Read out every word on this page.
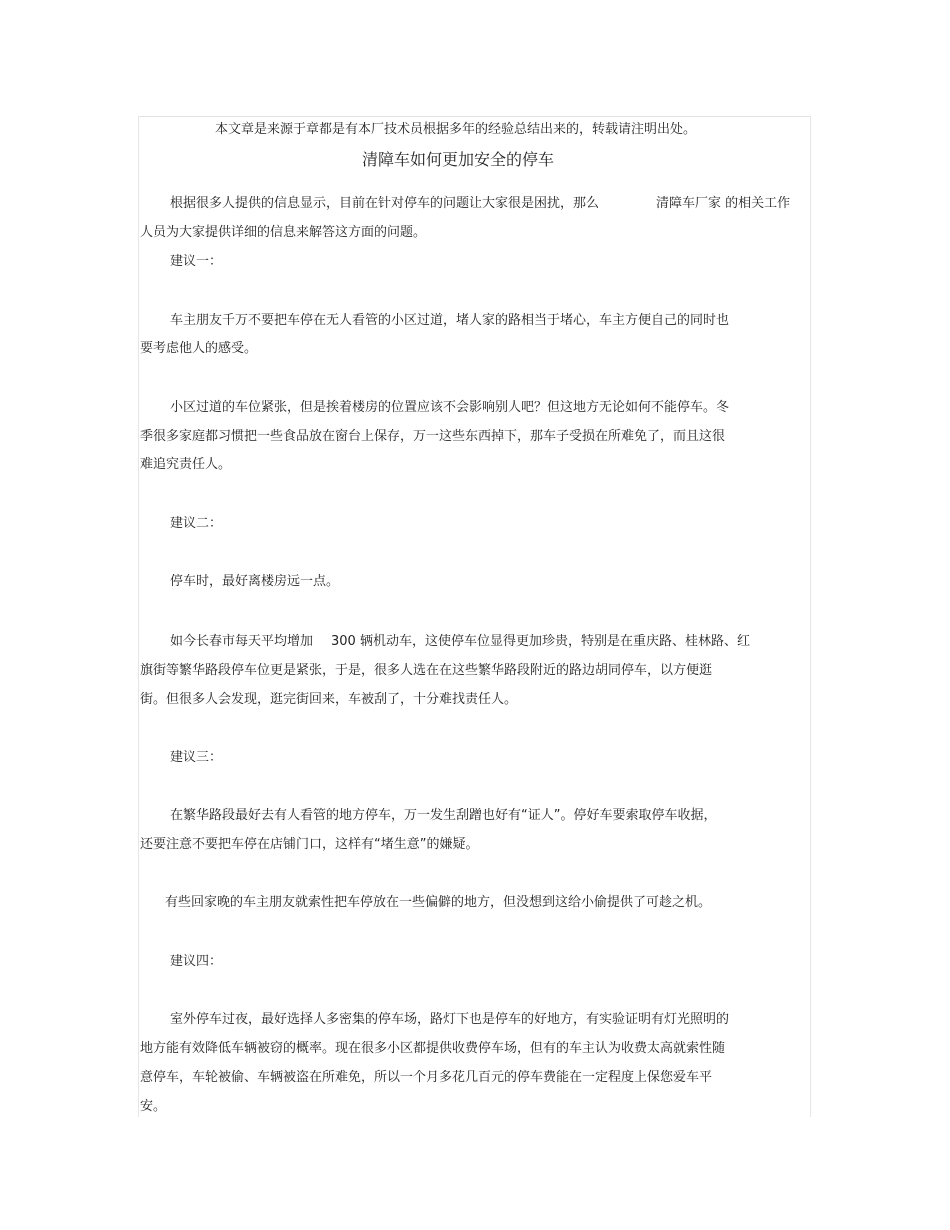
本文章是来源于章都是有本厂技术员根据多年的经验总结出来的，转载请注明出处。
清障车如何更加安全的停车
根据很多人提供的信息显示，目前在针对停车的问题让大家很是困扰，那么	清障车厂家 的相关工作
人员为大家提供详细的信息来解答这方面的问题。
建议一：
车主朋友千万不要把车停在无人看管的小区过道，堵人家的路相当于堵心，车主方便自己的同时也
要考虑他人的感受。
小区过道的车位紧张，但是挨着楼房的位置应该不会影响别人吧？但这地方无论如何不能停车。冬
季很多家庭都习惯把一些食品放在窗台上保存，万一这些东西掉下，那车子受损在所难免了，而且这很
难追究责任人。
建议二：
停车时，最好离楼房远一点。
如今长春市每天平均增加 300 辆机动车，这使停车位显得更加珍贵，特别是在重庆路、桂林路、红
旗街等繁华路段停车位更是紧张，于是，很多人选在在这些繁华路段附近的路边胡同停车，以方便逛
街。但很多人会发现，逛完街回来，车被刮了，十分难找责任人。
建议三：
在繁华路段最好去有人看管的地方停车，万一发生刮蹭也好有“证人”。停好车要索取停车收据，
还要注意不要把车停在店铺门口，这样有“堵生意”的嫌疑。
有些回家晚的车主朋友就索性把车停放在一些偏僻的地方，但没想到这给小偷提供了可趁之机。
建议四：
室外停车过夜，最好选择人多密集的停车场，路灯下也是停车的好地方，有实验证明有灯光照明的
地方能有效降低车辆被窃的概率。现在很多小区都提供收费停车场，但有的车主认为收费太高就索性随
意停车，车轮被偷、车辆被盗在所难免，所以一个月多花几百元的停车费能在一定程度上保您爱车平
安。
